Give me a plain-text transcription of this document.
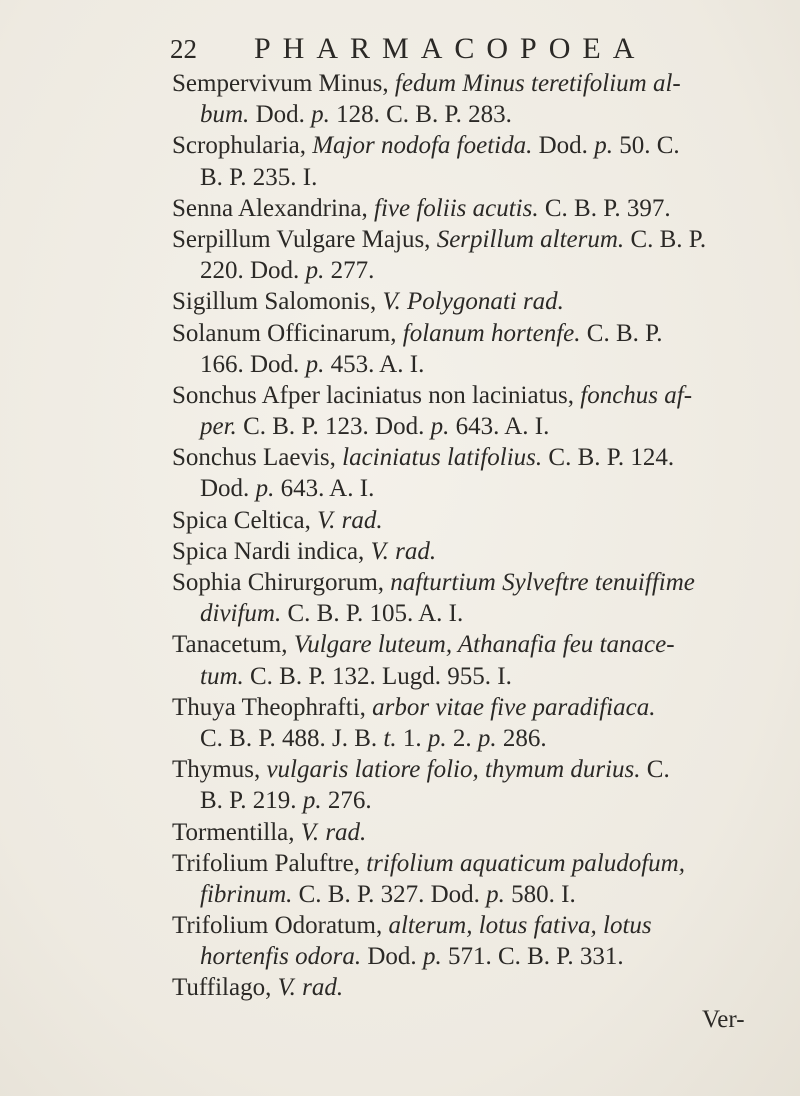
22 PHARMACOPOEA
Sempervivum Minus, fedum Minus teretifolium al-
bum. Dod. p. 128. C. B. P. 283.
Scrophularia, Major nodofa foetida. Dod. p. 50. C.
B. P. 235. I.
Senna Alexandrina, five foliis acutis. C. B. P. 397.
Serpillum Vulgare Majus, Serpillum alterum. C. B. P.
220. Dod. p. 277.
Sigillum Salomonis, V. Polygonati rad.
Solanum Officinarum, folanum hortenfe. C. B. P.
166. Dod. p. 453. A. I.
Sonchus Afper laciniatus non laciniatus, fonchus af-
per. C. B. P. 123. Dod. p. 643. A. I.
Sonchus Laevis, laciniatus latifolius. C. B. P. 124.
Dod. p. 643. A. I.
Spica Celtica, V. rad.
Spica Nardi indica, V. rad.
Sophia Chirurgorum, nafturtium Sylveftre tenuiffime
divifum. C. B. P. 105. A. I.
Tanacetum, Vulgare luteum, Athanafia feu tanace-
tum. C. B. P. 132. Lugd. 955. I.
Thuya Theophrafti, arbor vitae five paradifiaca.
C. B. P. 488. J. B. t. 1. p. 2. p. 286.
Thymus, vulgaris latiore folio, thymum durius. C.
B. P. 219. p. 276.
Tormentilla, V. rad.
Trifolium Paluftre, trifolium aquaticum paludofum,
fibrinum. C. B. P. 327. Dod. p. 580. I.
Trifolium Odoratum, alterum, lotus fativa, lotus
hortenfis odora. Dod. p. 571. C. B. P. 331.
Tuffilago, V. rad.
Ver-
